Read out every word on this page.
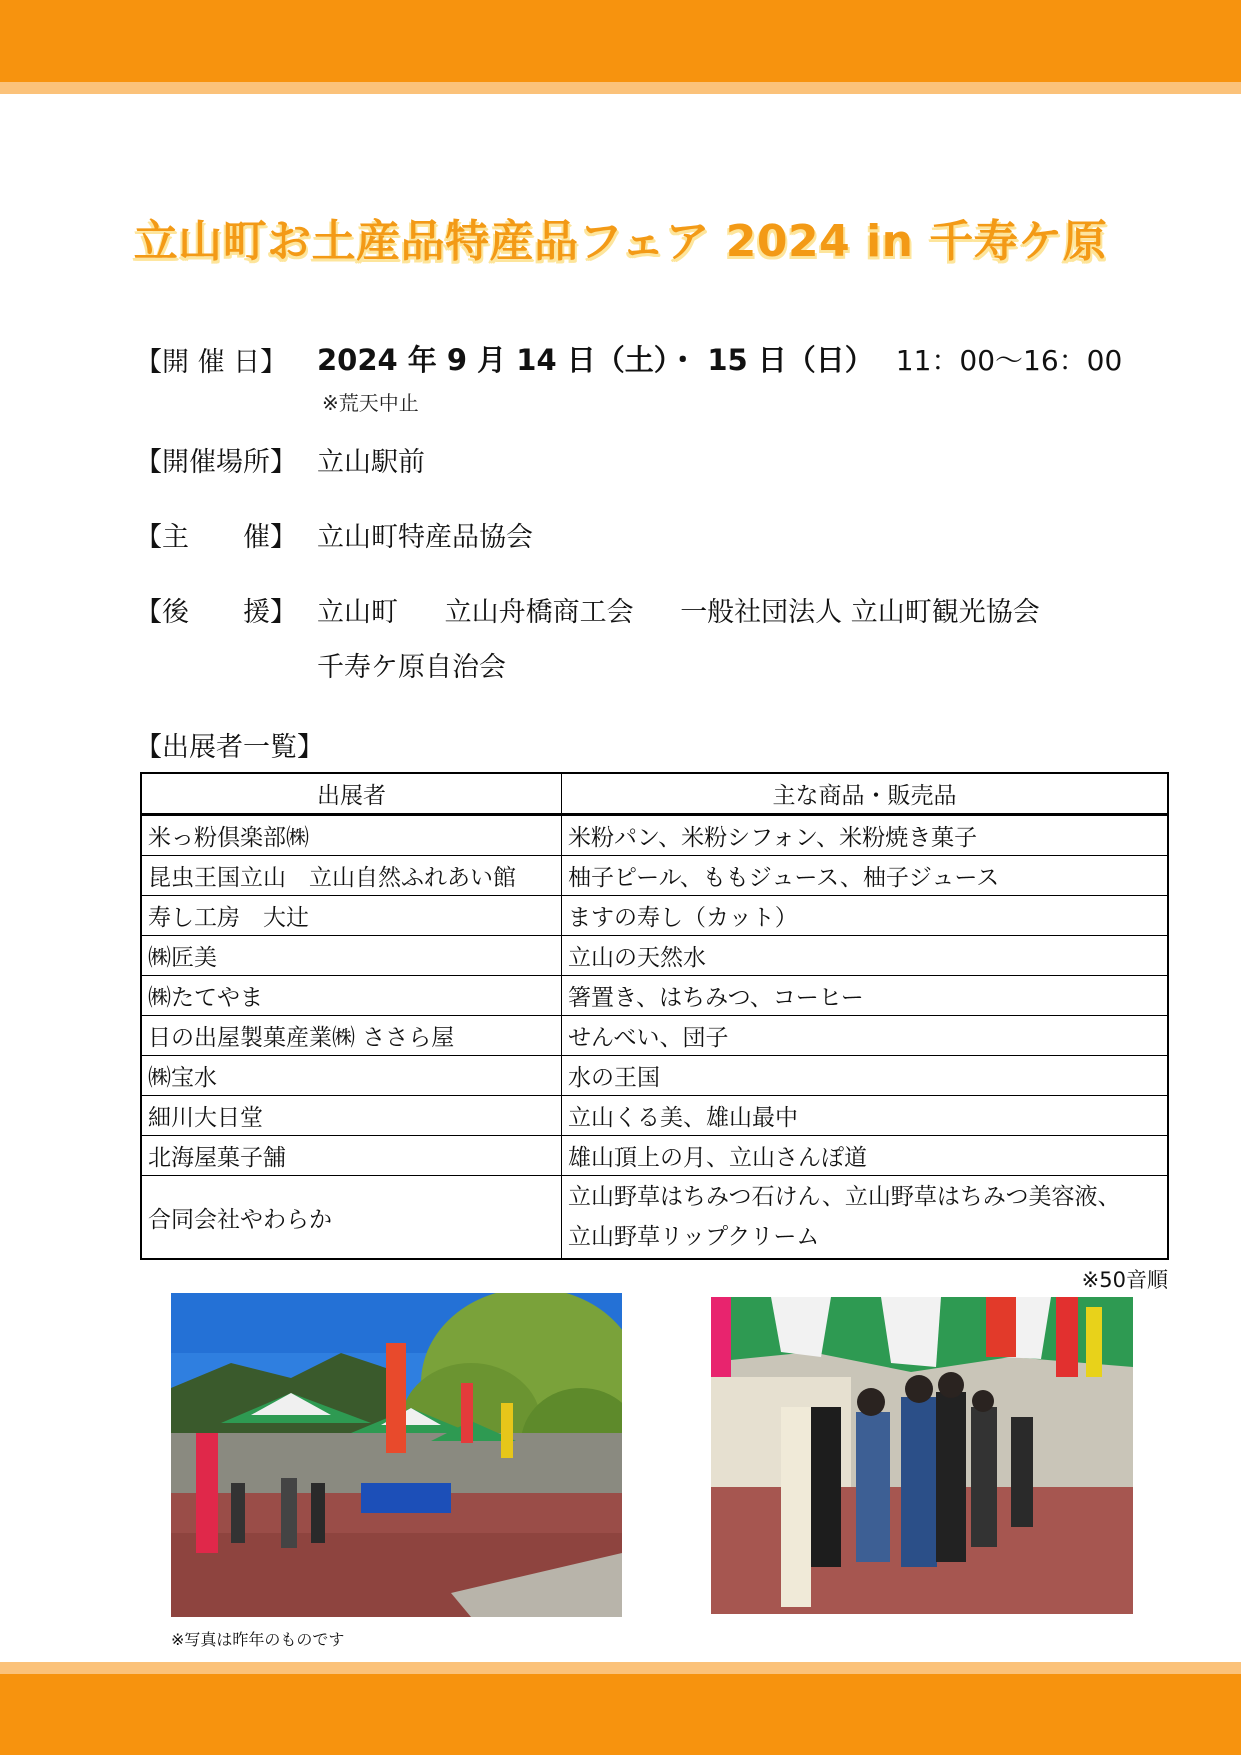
立山町お土産品特産品フェア 2024 in 千寿ケ原
【開 催 日】 2024 年 9 月 14 日（土）・ 15 日（日） 11：00〜16：00
※荒天中止
【開催場所】 立山駅前
【主　　催】 立山町特産品協会
【後　　援】 立山町 立山舟橋商工会 一般社団法人 立山町観光協会
千寿ケ原自治会
【出展者一覧】
出展者	主な商品・販売品
米っ粉倶楽部㈱	米粉パン、米粉シフォン、米粉焼き菓子
昆虫王国立山　立山自然ふれあい館	柚子ピール、ももジュース、柚子ジュース
寿し工房　大辻	ますの寿し（カット）
㈱匠美	立山の天然水
㈱たてやま	箸置き、はちみつ、コーヒー
日の出屋製菓産業㈱ ささら屋	せんべい、団子
㈱宝水	水の王国
細川大日堂	立山くる美、雄山最中
北海屋菓子舗	雄山頂上の月、立山さんぽ道
合同会社やわらか	立山野草はちみつ石けん、立山野草はちみつ美容液、
立山野草リップクリーム
※50音順
※写真は昨年のものです
